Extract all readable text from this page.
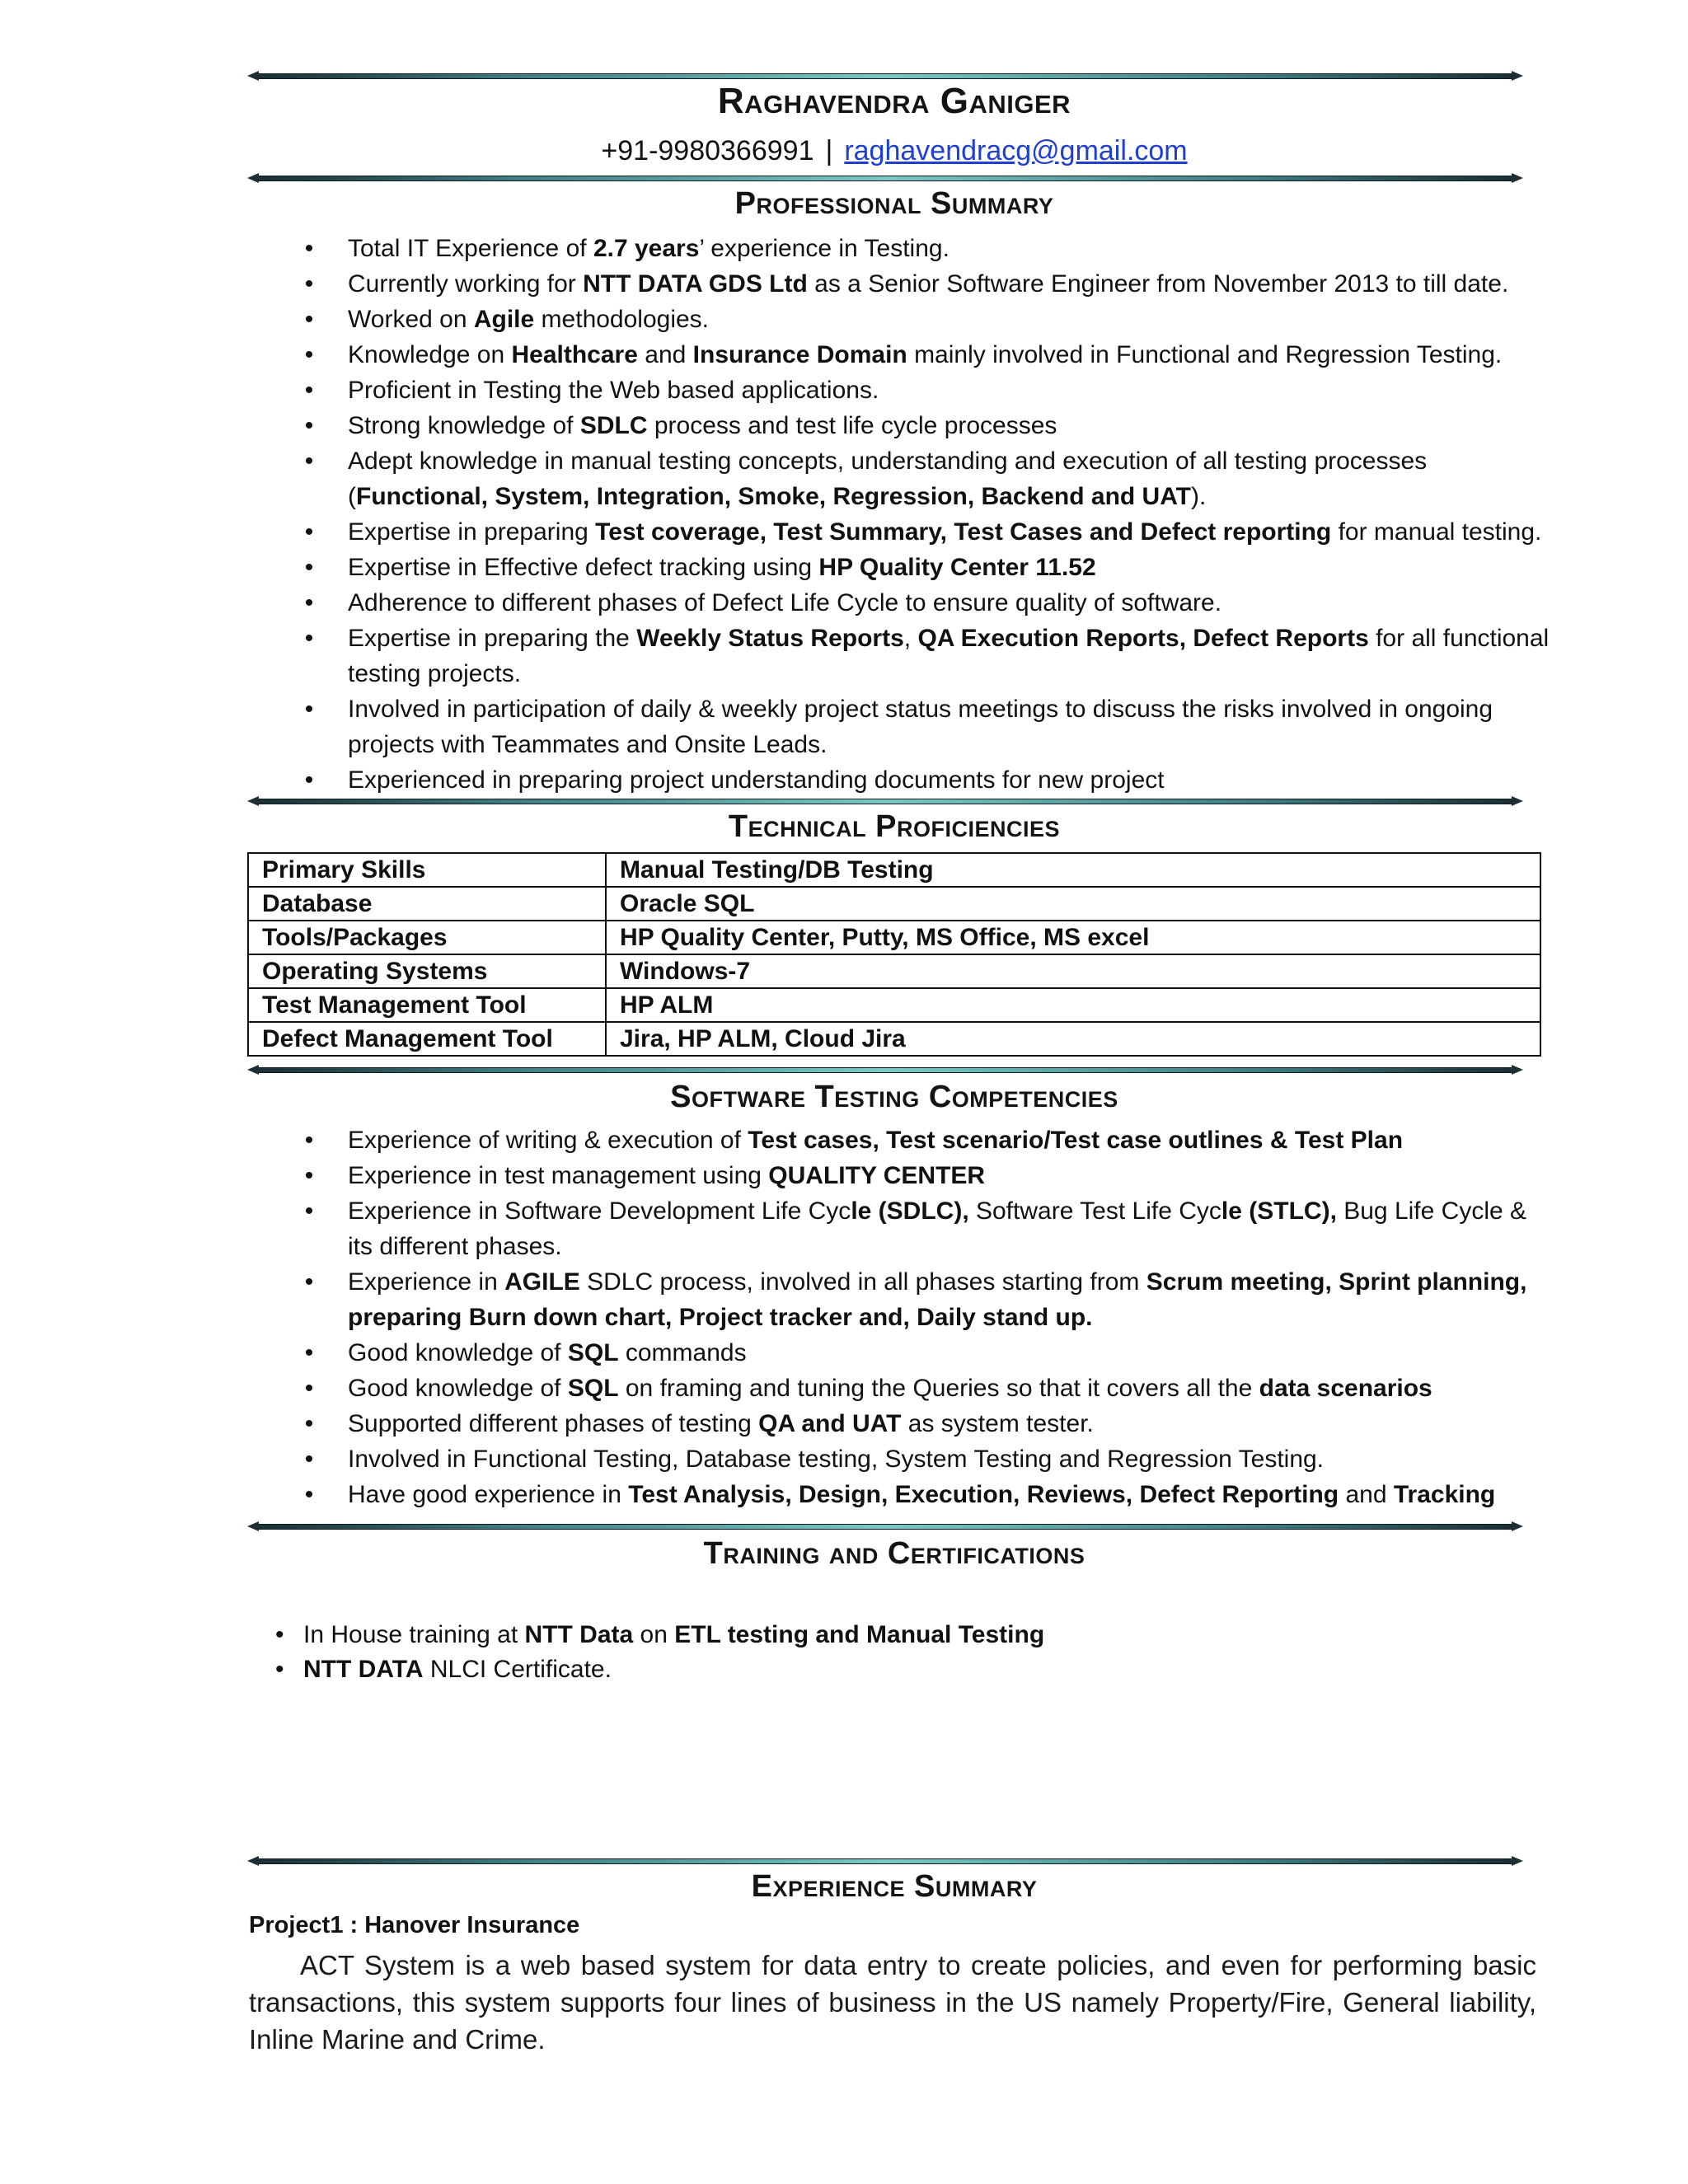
Raghavendra Ganiger
+91-9980366991 | raghavendracg@gmail.com
Professional Summary
•	Total IT Experience of 2.7 years’ experience in Testing.
•	Currently working for NTT DATA GDS Ltd as a Senior Software Engineer from November 2013 to till date.
•	Worked on Agile methodologies.
•	Knowledge on Healthcare and Insurance Domain mainly involved in Functional and Regression Testing.
•	Proficient in Testing the Web based applications.
•	Strong knowledge of SDLC process and test life cycle processes
•	Adept knowledge in manual testing concepts, understanding and execution of all testing processes (Functional, System, Integration, Smoke, Regression, Backend and UAT).
•	Expertise in preparing Test coverage, Test Summary, Test Cases and Defect reporting for manual testing.
•	Expertise in Effective defect tracking using HP Quality Center 11.52
•	Adherence to different phases of Defect Life Cycle to ensure quality of software.
•	Expertise in preparing the Weekly Status Reports, QA Execution Reports, Defect Reports for all functional testing projects.
•	Involved in participation of daily & weekly project status meetings to discuss the risks involved in ongoing projects with Teammates and Onsite Leads.
•	Experienced in preparing project understanding documents for new project
Technical Proficiencies
Primary Skills	Manual Testing/DB Testing
Database	Oracle SQL
Tools/Packages	HP Quality Center, Putty, MS Office, MS excel
Operating Systems	Windows-7
Test Management Tool	HP ALM
Defect Management Tool	Jira, HP ALM, Cloud Jira
Software Testing Competencies
•	Experience of writing & execution of Test cases, Test scenario/Test case outlines & Test Plan
•	Experience in test management using QUALITY CENTER
•	Experience in Software Development Life Cycle (SDLC), Software Test Life Cycle (STLC), Bug Life Cycle & its different phases.
•	Experience in AGILE SDLC process, involved in all phases starting from Scrum meeting, Sprint planning, preparing Burn down chart, Project tracker and, Daily stand up.
•	Good knowledge of SQL commands
•	Good knowledge of SQL on framing and tuning the Queries so that it covers all the data scenarios
•	Supported different phases of testing QA and UAT as system tester.
•	Involved in Functional Testing, Database testing, System Testing and Regression Testing.
•	Have good experience in Test Analysis, Design, Execution, Reviews, Defect Reporting and Tracking
Training and Certifications
• In House training at NTT Data on ETL testing and Manual Testing
• NTT DATA NLCI Certificate.
Experience Summary
Project1 : Hanover Insurance
ACT System is a web based system for data entry to create policies, and even for performing basic transactions, this system supports four lines of business in the US namely Property/Fire, General liability, Inline Marine and Crime.
